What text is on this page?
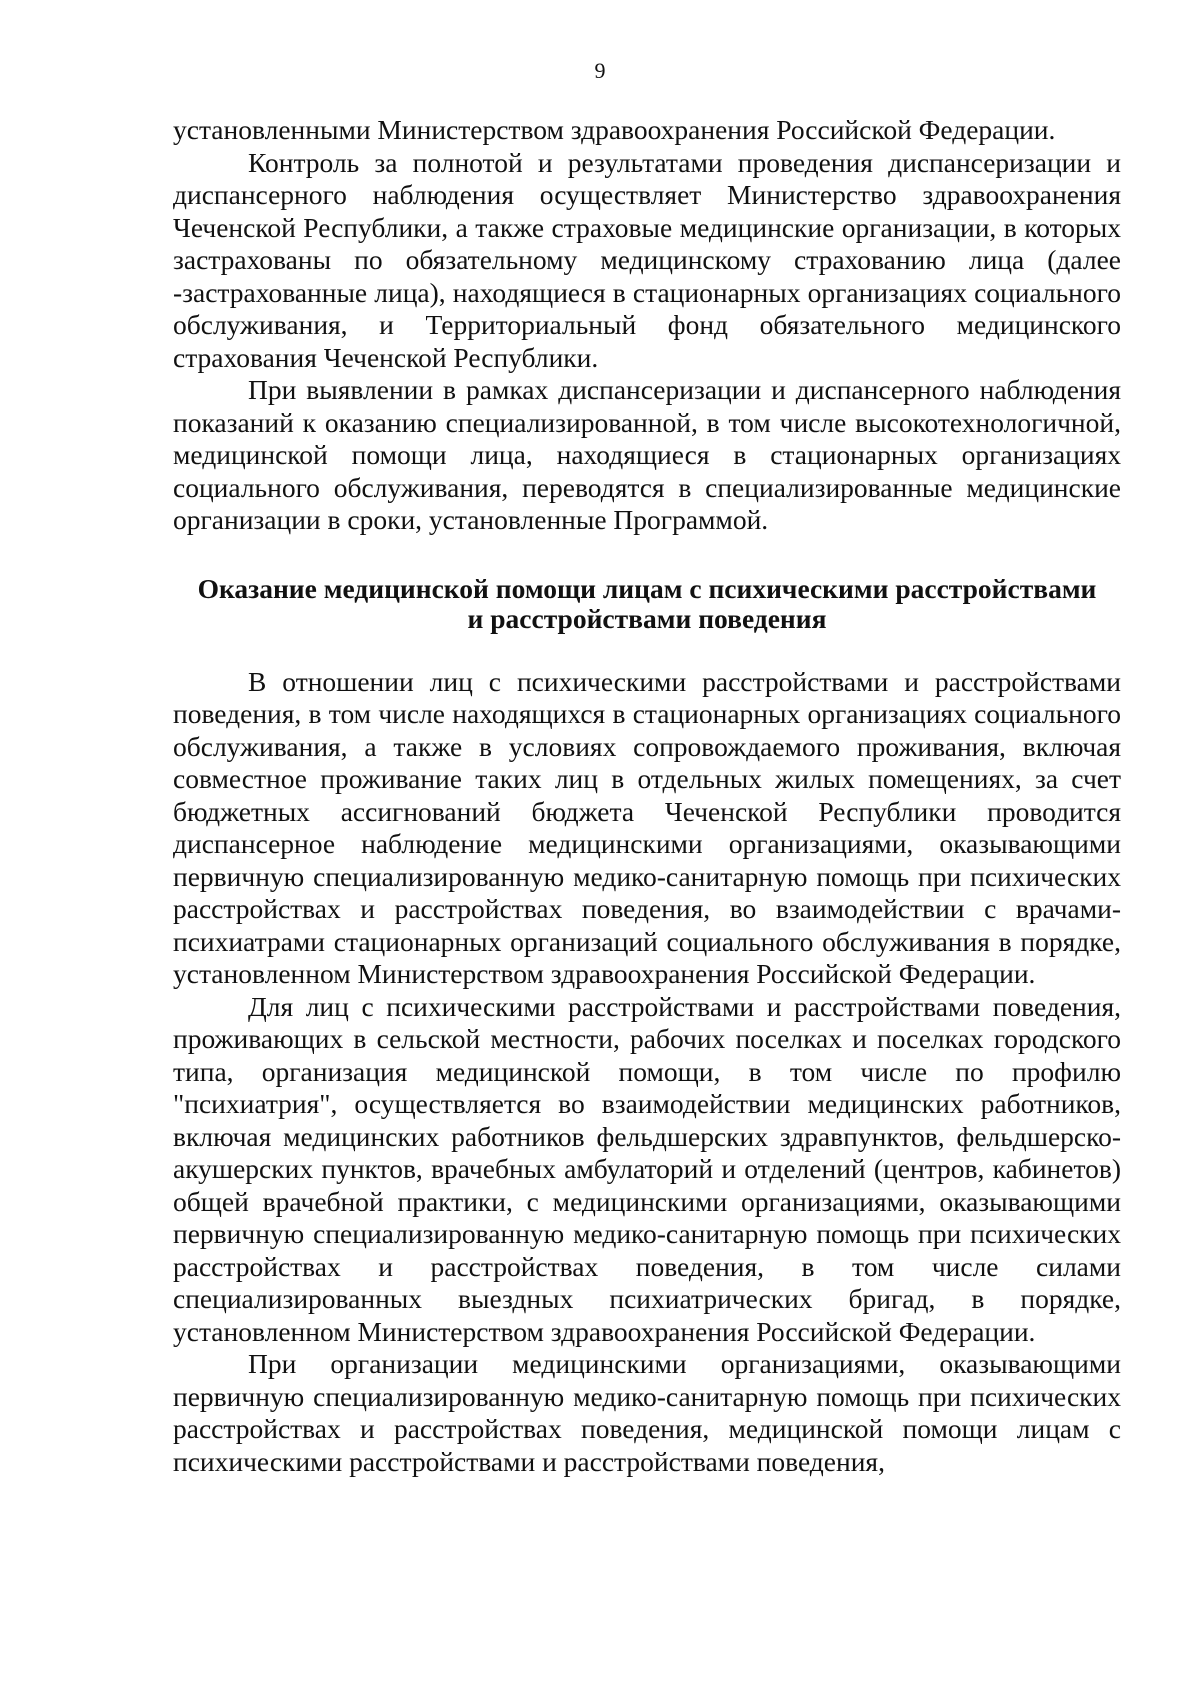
9

установленными Министерством здравоохранения Российской Федерации.

Контроль за полнотой и результатами проведения диспансеризации и диспансерного наблюдения осуществляет Министерство здравоохранения Чеченской Республики, а также страховые медицинские организации, в которых застрахованы по обязательному медицинскому страхованию лица (далее -застрахованные лица), находящиеся в стационарных организациях социального обслуживания, и Территориальный фонд обязательного медицинского страхования Чеченской Республики.

При выявлении в рамках диспансеризации и диспансерного наблюдения показаний к оказанию специализированной, в том числе высокотехнологичной, медицинской помощи лица, находящиеся в стационарных организациях социального обслуживания, переводятся в специализированные медицинские организации в сроки, установленные Программой.

Оказание медицинской помощи лицам с психическими расстройствами
и расстройствами поведения

В отношении лиц с психическими расстройствами и расстройствами поведения, в том числе находящихся в стационарных организациях социального обслуживания, а также в условиях сопровождаемого проживания, включая совместное проживание таких лиц в отдельных жилых помещениях, за счет бюджетных ассигнований бюджета Чеченской Республики проводится диспансерное наблюдение медицинскими организациями, оказывающими первичную специализированную медико-санитарную помощь при психических расстройствах и расстройствах поведения, во взаимодействии с врачами-психиатрами стационарных организаций социального обслуживания в порядке, установленном Министерством здравоохранения Российской Федерации.

Для лиц с психическими расстройствами и расстройствами поведения, проживающих в сельской местности, рабочих поселках и поселках городского типа, организация медицинской помощи, в том числе по профилю "психиатрия", осуществляется во взаимодействии медицинских работников, включая медицинских работников фельдшерских здравпунктов, фельдшерско-акушерских пунктов, врачебных амбулаторий и отделений (центров, кабинетов) общей врачебной практики, с медицинскими организациями, оказывающими первичную специализированную медико-санитарную помощь при психических расстройствах и расстройствах поведения, в том числе силами специализированных выездных психиатрических бригад, в порядке, установленном Министерством здравоохранения Российской Федерации.

При организации медицинскими организациями, оказывающими первичную специализированную медико-санитарную помощь при психических расстройствах и расстройствах поведения, медицинской помощи лицам с психическими расстройствами и расстройствами поведения,
